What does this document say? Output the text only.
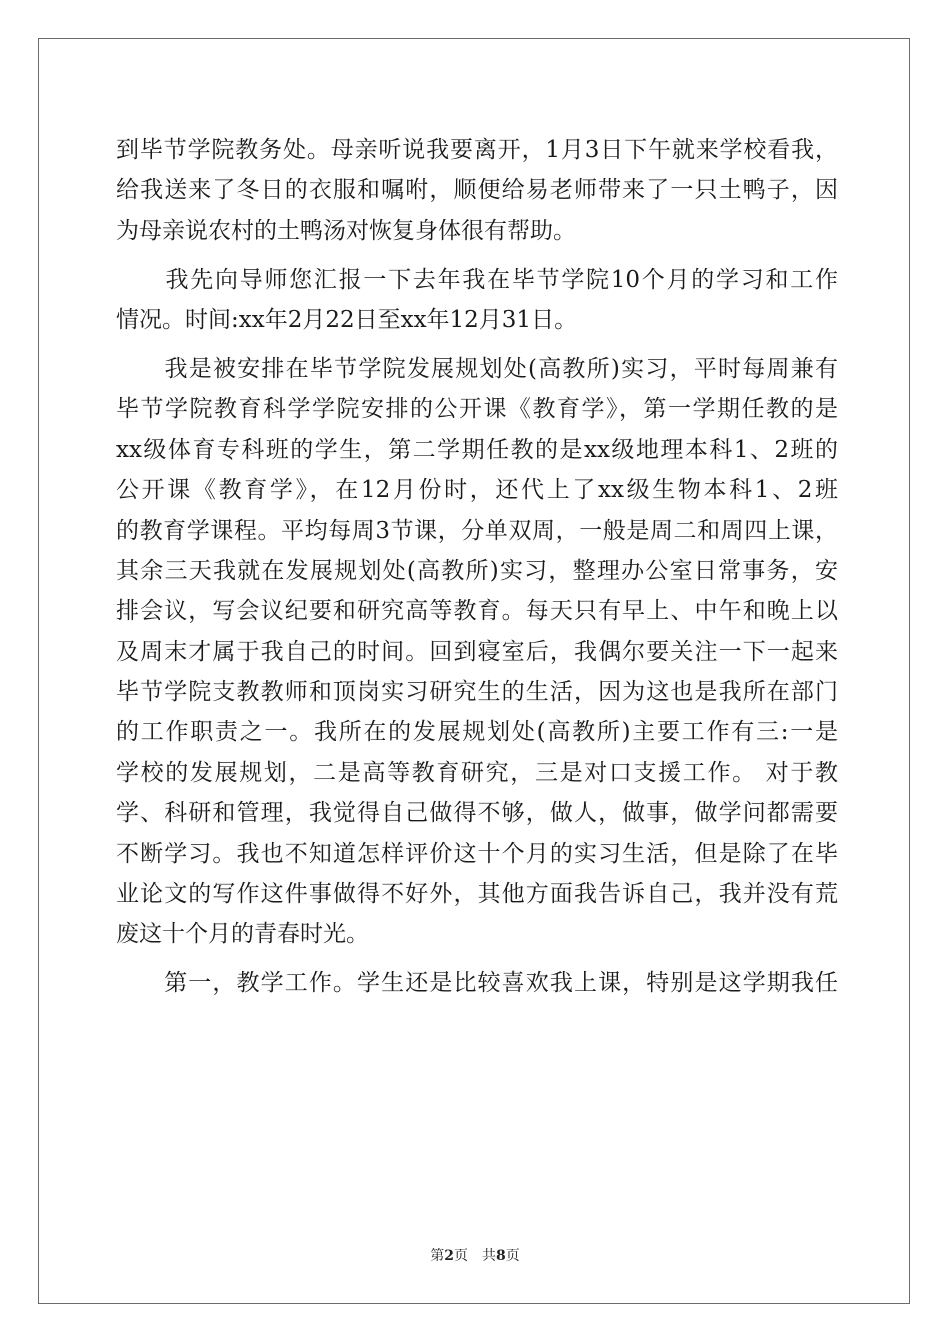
到毕节学院教务处。母亲听说我要离开，1月3日下午就来学校看我，
给我送来了冬日的衣服和嘱咐，顺便给易老师带来了一只土鸭子，因
为母亲说农村的土鸭汤对恢复身体很有帮助。
　　我先向导师您汇报一下去年我在毕节学院10个月的学习和工作
情况。时间:xx年2月22日至xx年12月31日。
　　我是被安排在毕节学院发展规划处(高教所)实习，平时每周兼有
毕节学院教育科学学院安排的公开课《教育学》，第一学期任教的是
xx级体育专科班的学生，第二学期任教的是xx级地理本科1、2班的
公开课《教育学》，在12月份时，还代上了xx级生物本科1、2班
的教育学课程。平均每周3节课，分单双周，一般是周二和周四上课，
其余三天我就在发展规划处(高教所)实习，整理办公室日常事务，安
排会议，写会议纪要和研究高等教育。每天只有早上、中午和晚上以
及周末才属于我自己的时间。回到寝室后，我偶尔要关注一下一起来
毕节学院支教教师和顶岗实习研究生的生活，因为这也是我所在部门
的工作职责之一。我所在的发展规划处(高教所)主要工作有三:一是
学校的发展规划，二是高等教育研究，三是对口支援工作。 对于教
学、科研和管理，我觉得自己做得不够，做人，做事，做学问都需要
不断学习。我也不知道怎样评价这十个月的实习生活，但是除了在毕
业论文的写作这件事做得不好外，其他方面我告诉自己，我并没有荒
废这十个月的青春时光。
　　第一，教学工作。学生还是比较喜欢我上课，特别是这学期我任
第2页 共8页
